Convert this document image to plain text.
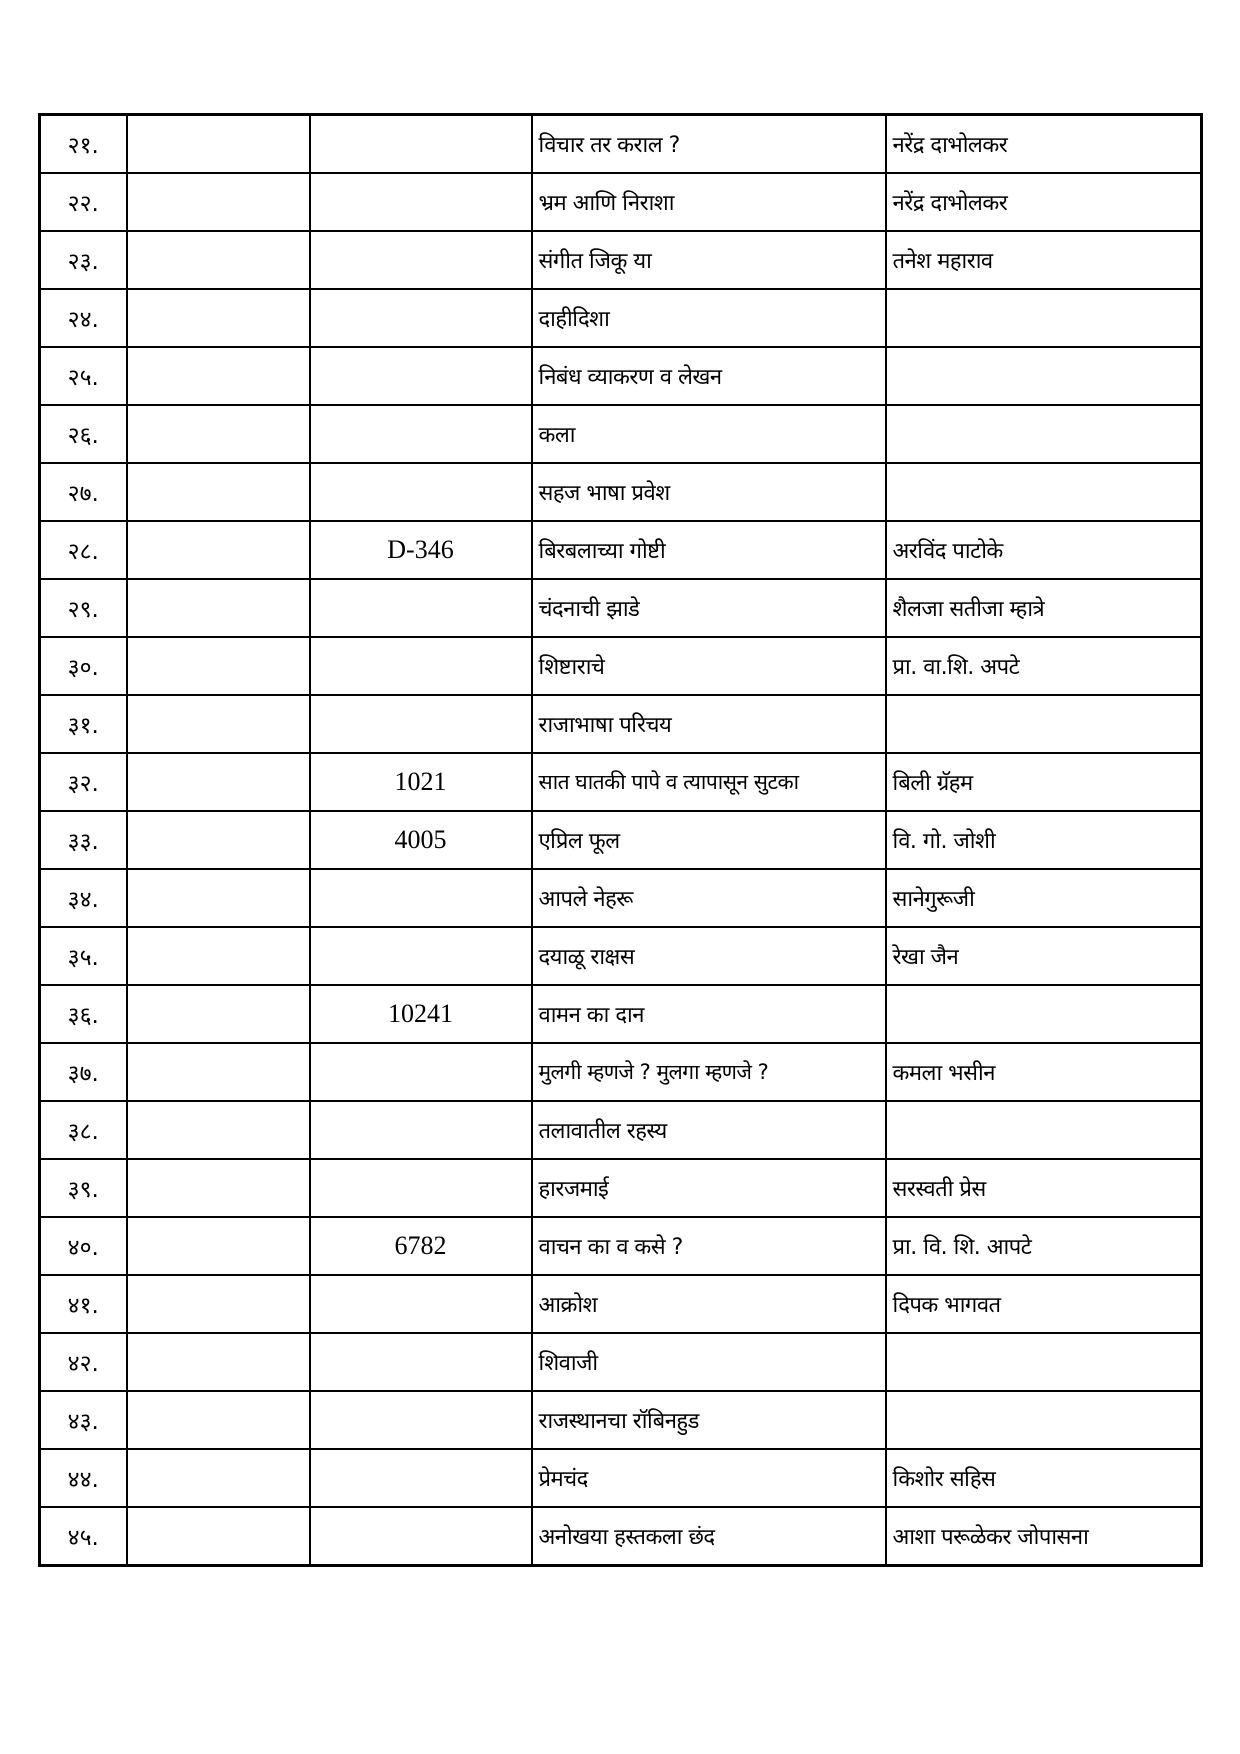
२१.			विचार तर कराल ?	नरेंद्र दाभोलकर
२२.			भ्रम आणि निराशा	नरेंद्र दाभोलकर
२३.			संगीत जिकू या	तनेश महाराव
२४.			दाहीदिशा	
२५.			निबंध व्याकरण व लेखन	
२६.			कला	
२७.			सहज भाषा प्रवेश	
२८.		D-346	बिरबलाच्या गोष्टी	अरविंद पाटोके
२९.			चंदनाची झाडे	शैलजा सतीजा म्हात्रे
३०.			शिष्टाराचे	प्रा. वा.शि. अपटे
३१.			राजाभाषा परिचय	
३२.		1021	सात घातकी पापे व त्यापासून सुटका	बिली ग्रॅहम
३३.		4005	एप्रिल फूल	वि. गो. जोशी
३४.			आपले नेहरू	सानेगुरूजी
३५.			दयाळू राक्षस	रेखा जैन
३६.		10241	वामन का दान	
३७.			मुलगी म्हणजे ? मुलगा म्हणजे ?	कमला भसीन
३८.			तलावातील रहस्य	
३९.			हारजमाई	सरस्वती प्रेस
४०.		6782	वाचन का व कसे ?	प्रा. वि. शि. आपटे
४१.			आक्रोश	दिपक भागवत
४२.			शिवाजी	
४३.			राजस्थानचा रॉबिनहुड	
४४.			प्रेमचंद	किशोर सहिस
४५.			अनोखया हस्तकला छंद	आशा परूळेकर जोपासना
